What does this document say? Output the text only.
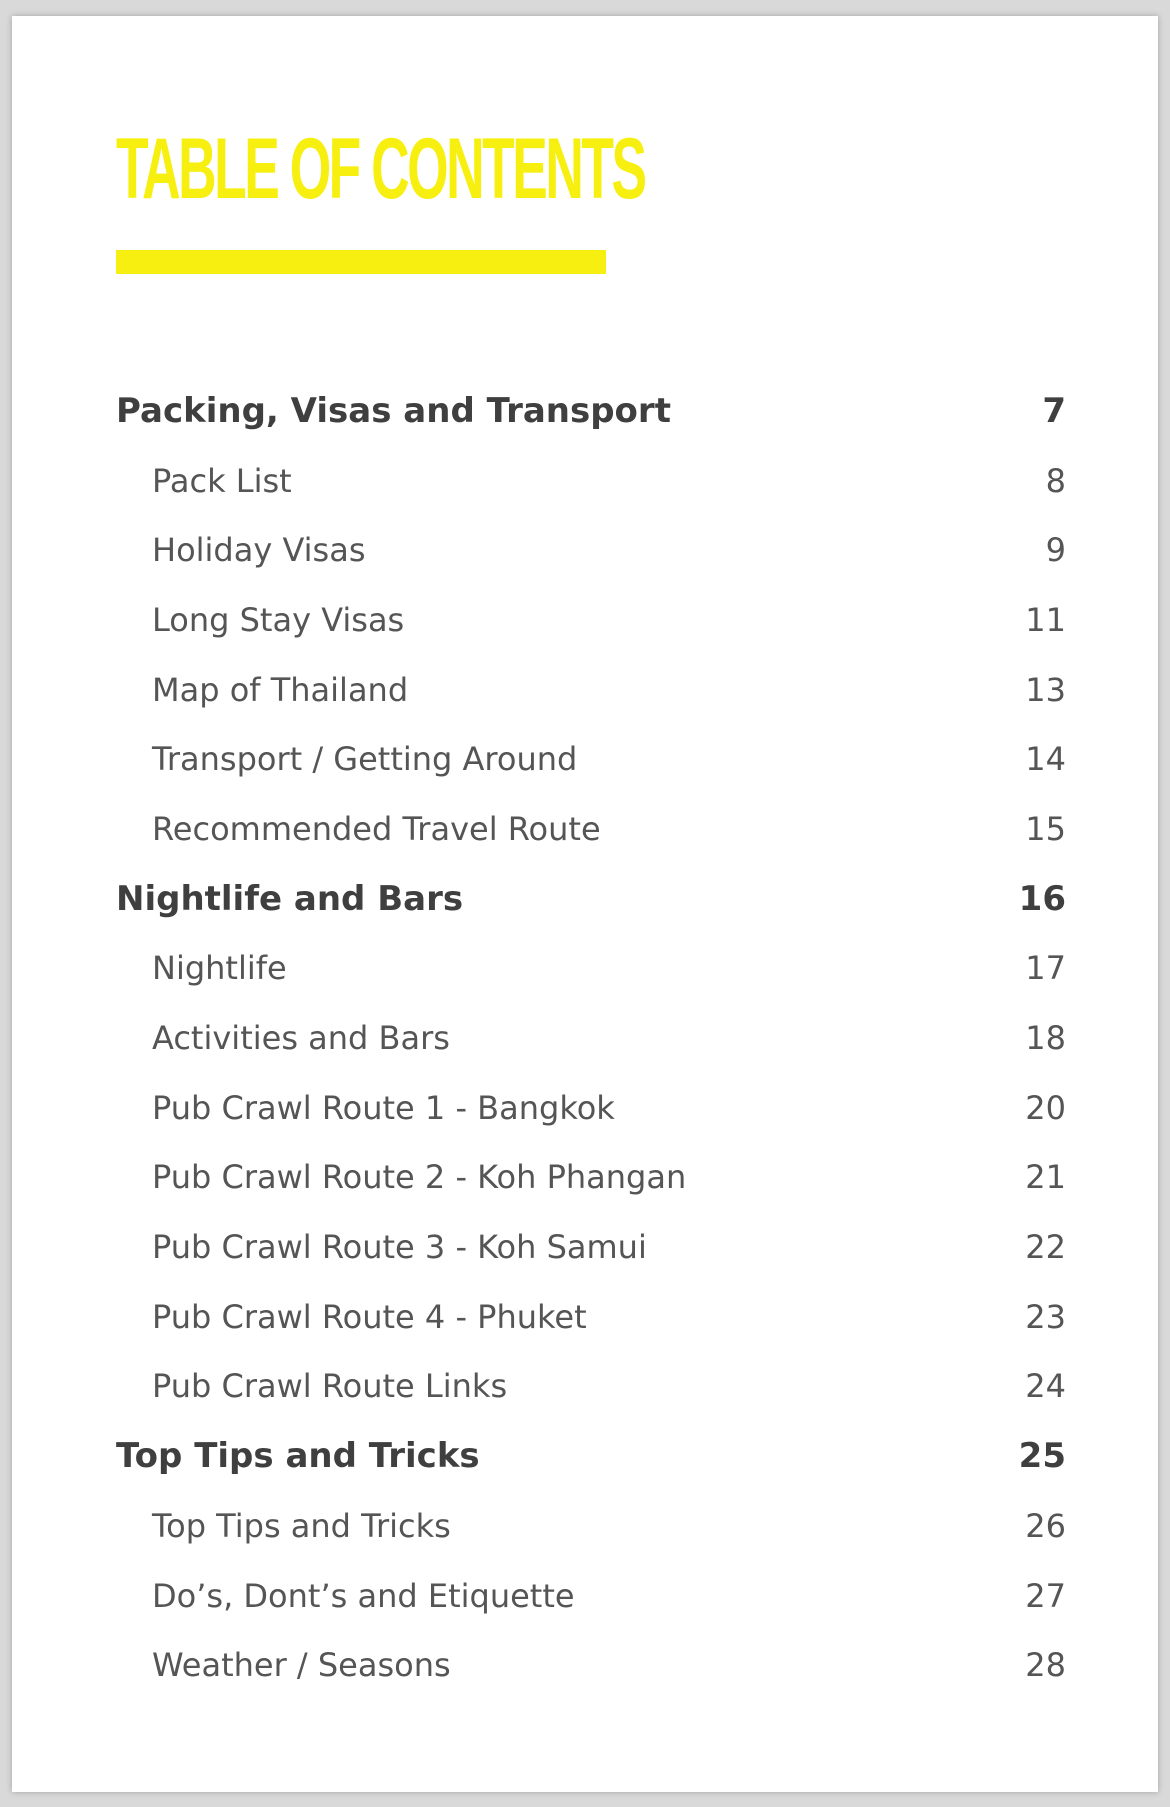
TABLE OF CONTENTS
Packing, Visas and Transport	7
Pack List	8
Holiday Visas	9
Long Stay Visas	11
Map of Thailand	13
Transport / Getting Around	14
Recommended Travel Route	15
Nightlife and Bars	16
Nightlife	17
Activities and Bars	18
Pub Crawl Route 1 - Bangkok	20
Pub Crawl Route 2 - Koh Phangan	21
Pub Crawl Route 3 - Koh Samui	22
Pub Crawl Route 4 - Phuket	23
Pub Crawl Route Links	24
Top Tips and Tricks	25
Top Tips and Tricks	26
Do’s, Dont’s and Etiquette	27
Weather / Seasons	28
